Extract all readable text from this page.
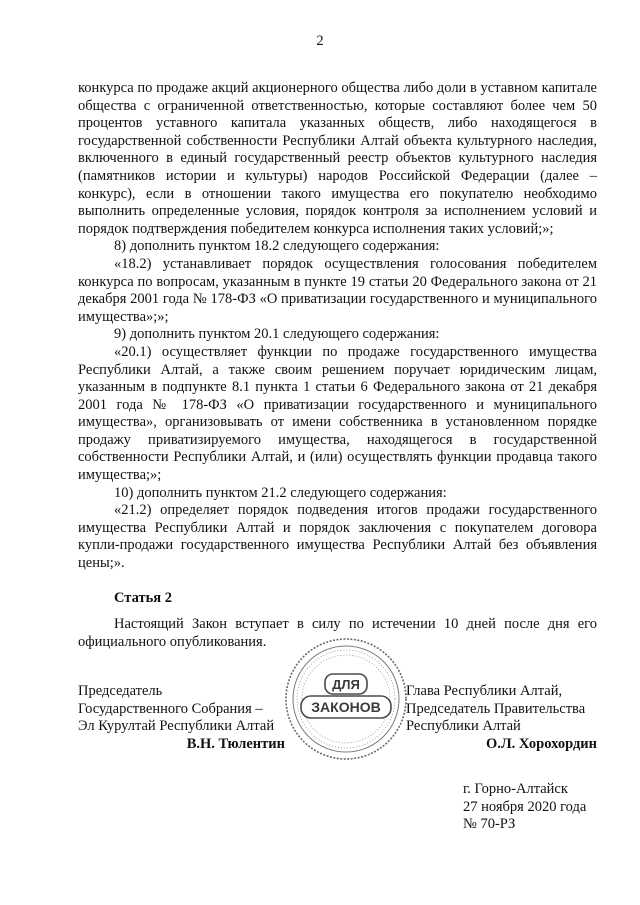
2

конкурса по продаже акций акционерного общества либо доли в уставном капитале общества с ограниченной ответственностью, которые составляют более чем 50 процентов уставного капитала указанных обществ, либо находящегося в государственной собственности Республики Алтай объекта культурного наследия, включенного в единый государственный реестр объектов культурного наследия (памятников истории и культуры) народов Российской Федерации (далее – конкурс), если в отношении такого имущества его покупателю необходимо выполнить определенные условия, порядок контроля за исполнением условий и порядок подтверждения победителем конкурса исполнения таких условий;»;

8) дополнить пунктом 18.2 следующего содержания:

«18.2) устанавливает порядок осуществления голосования победителем конкурса по вопросам, указанным в пункте 19 статьи 20 Федерального закона от 21 декабря 2001 года № 178-ФЗ «О приватизации государственного и муниципального имущества»;»;

9) дополнить пунктом 20.1 следующего содержания:

«20.1) осуществляет функции по продаже государственного имущества Республики Алтай, а также своим решением поручает юридическим лицам, указанным в подпункте 8.1 пункта 1 статьи 6 Федерального закона от 21 декабря 2001 года № 178-ФЗ «О приватизации государственного и муниципального имущества», организовывать от имени собственника в установленном порядке продажу приватизируемого имущества, находящегося в государственной собственности Республики Алтай, и (или) осуществлять функции продавца такого имущества;»;

10) дополнить пунктом 21.2 следующего содержания:

«21.2) определяет порядок подведения итогов продажи государственного имущества Республики Алтай и порядок заключения с покупателем договора купли-продажи государственного имущества Республики Алтай без объявления цены;».

Статья 2

Настоящий Закон вступает в силу по истечении 10 дней после дня его официального опубликования.

Председатель
Государственного Собрания –
Эл Курултай Республики Алтай
В.Н. Тюлентин
ДЛЯ
ЗАКОНОВ
Глава Республики Алтай,
Председатель Правительства
Республики Алтай
О.Л. Хорохордин
г. Горно-Алтайск
27 ноября 2020 года
№ 70-РЗ
